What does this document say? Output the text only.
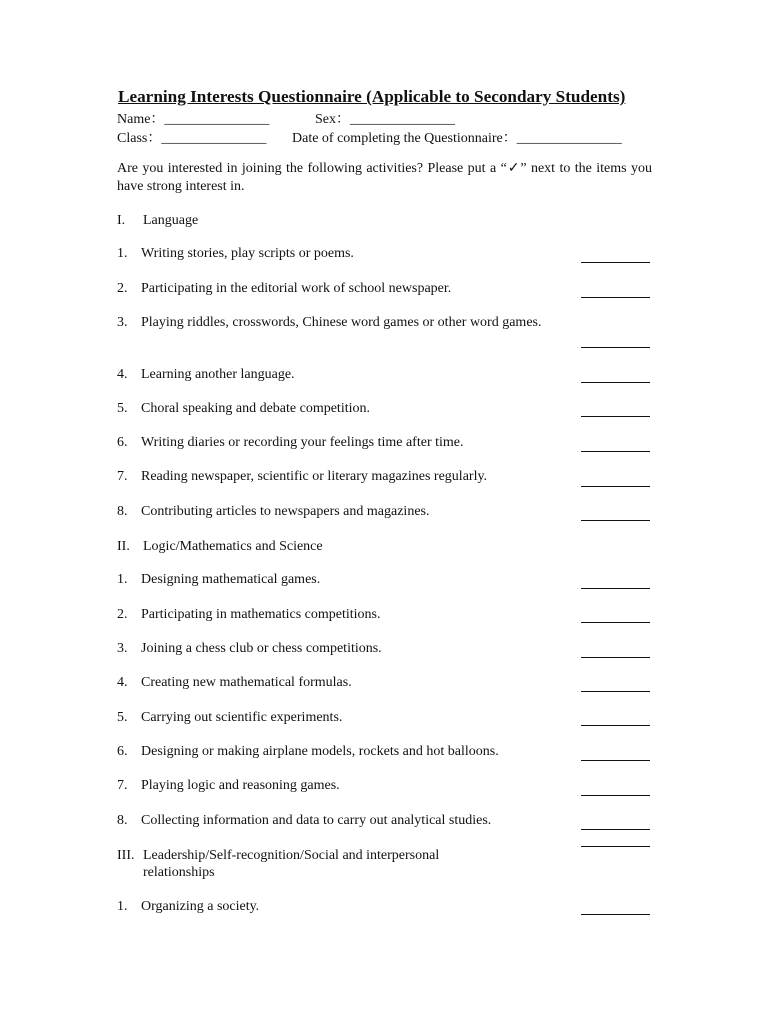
Learning Interests Questionnaire (Applicable to Secondary Students)
Name：_______________	Sex：_______________
Class：_______________ Date of completing the Questionnaire：_______________
Are you interested in joining the following activities? Please put a “✓” next to the items you have strong interest in.
I. Language
1. Writing stories, play scripts or poems.
2. Participating in the editorial work of school newspaper.
3. Playing riddles, crosswords, Chinese word games or other word games.
4. Learning another language.
5. Choral speaking and debate competition.
6. Writing diaries or recording your feelings time after time.
7. Reading newspaper, scientific or literary magazines regularly.
8. Contributing articles to newspapers and magazines.
II. Logic/Mathematics and Science
1. Designing mathematical games.
2. Participating in mathematics competitions.
3. Joining a chess club or chess competitions.
4. Creating new mathematical formulas.
5. Carrying out scientific experiments.
6. Designing or making airplane models, rockets and hot balloons.
7. Playing logic and reasoning games.
8. Collecting information and data to carry out analytical studies.
III. Leadership/Self-recognition/Social and interpersonal relationships
1. Organizing a society.
